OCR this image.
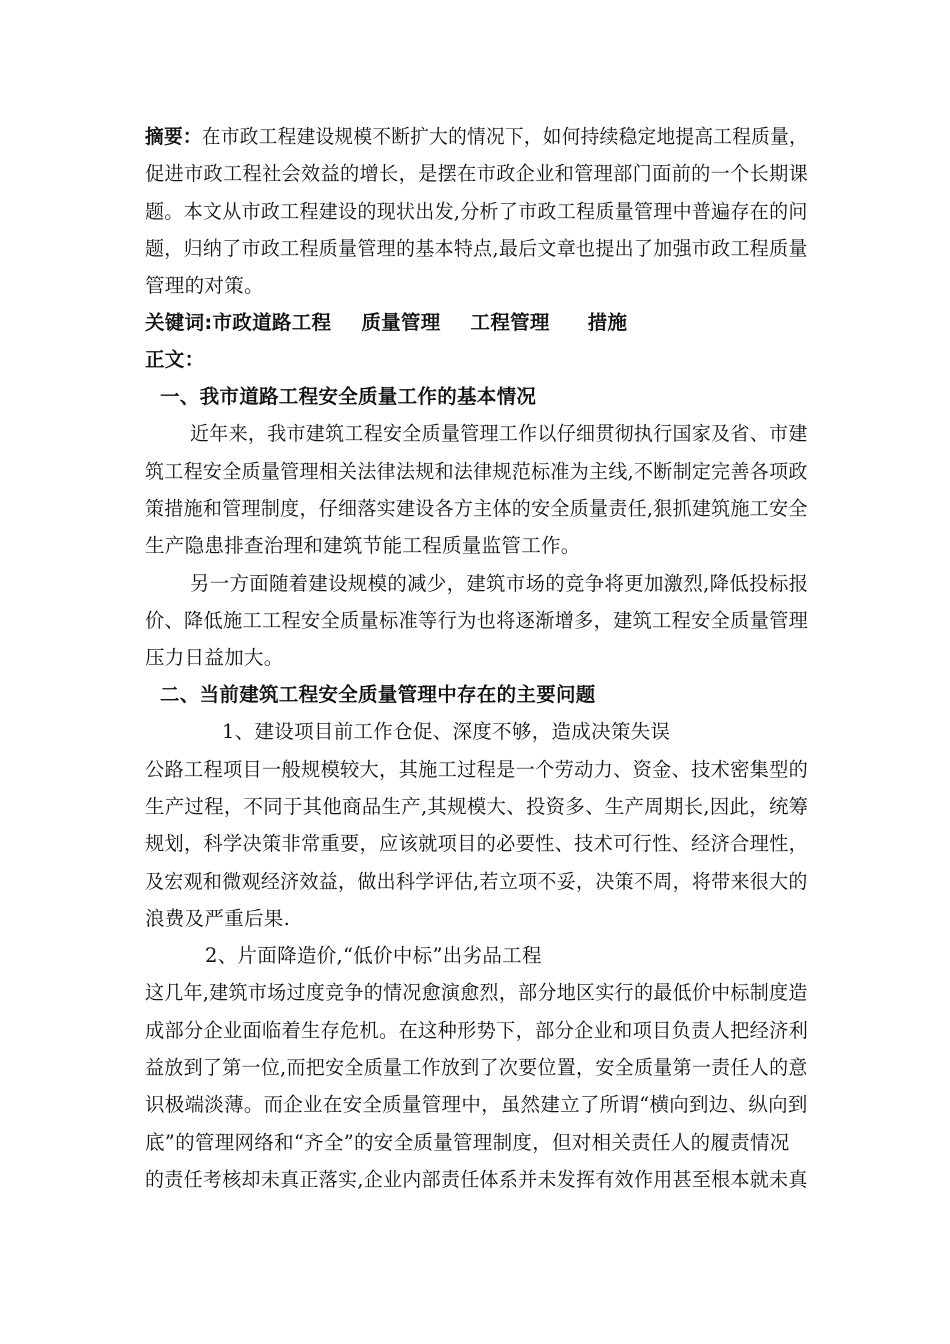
摘要：在市政工程建设规模不断扩大的情况下，如何持续稳定地提高工程质量，
促进市政工程社会效益的增长，是摆在市政企业和管理部门面前的一个长期课
题。本文从市政工程建设的现状出发,分析了市政工程质量管理中普遍存在的问
题，归纳了市政工程质量管理的基本特点,最后文章也提出了加强市政工程质量
管理的对策。
关键词:市政道路工程 质量管理 工程管理 措施
正文：
一、我市道路工程安全质量工作的基本情况
近年来，我市建筑工程安全质量管理工作以仔细贯彻执行国家及省、市建
筑工程安全质量管理相关法律法规和法律规范标准为主线,不断制定完善各项政
策措施和管理制度，仔细落实建设各方主体的安全质量责任,狠抓建筑施工安全
生产隐患排查治理和建筑节能工程质量监管工作。
另一方面随着建设规模的减少，建筑市场的竞争将更加激烈,降低投标报
价、降低施工工程安全质量标准等行为也将逐渐增多，建筑工程安全质量管理
压力日益加大。
二、当前建筑工程安全质量管理中存在的主要问题
1、建设项目前工作仓促、深度不够，造成决策失误
公路工程项目一般规模较大，其施工过程是一个劳动力、资金、技术密集型的
生产过程，不同于其他商品生产,其规模大、投资多、生产周期长,因此，统筹
规划，科学决策非常重要，应该就项目的必要性、技术可行性、经济合理性，
及宏观和微观经济效益，做出科学评估,若立项不妥，决策不周，将带来很大的
浪费及严重后果.
2、片面降造价,“低价中标”出劣品工程
这几年,建筑市场过度竞争的情况愈演愈烈，部分地区实行的最低价中标制度造
成部分企业面临着生存危机。在这种形势下，部分企业和项目负责人把经济利
益放到了第一位,而把安全质量工作放到了次要位置，安全质量第一责任人的意
识极端淡薄。而企业在安全质量管理中，虽然建立了所谓“横向到边、纵向到
底”的管理网络和“齐全”的安全质量管理制度，但对相关责任人的履责情况
的责任考核却未真正落实,企业内部责任体系并未发挥有效作用甚至根本就未真
